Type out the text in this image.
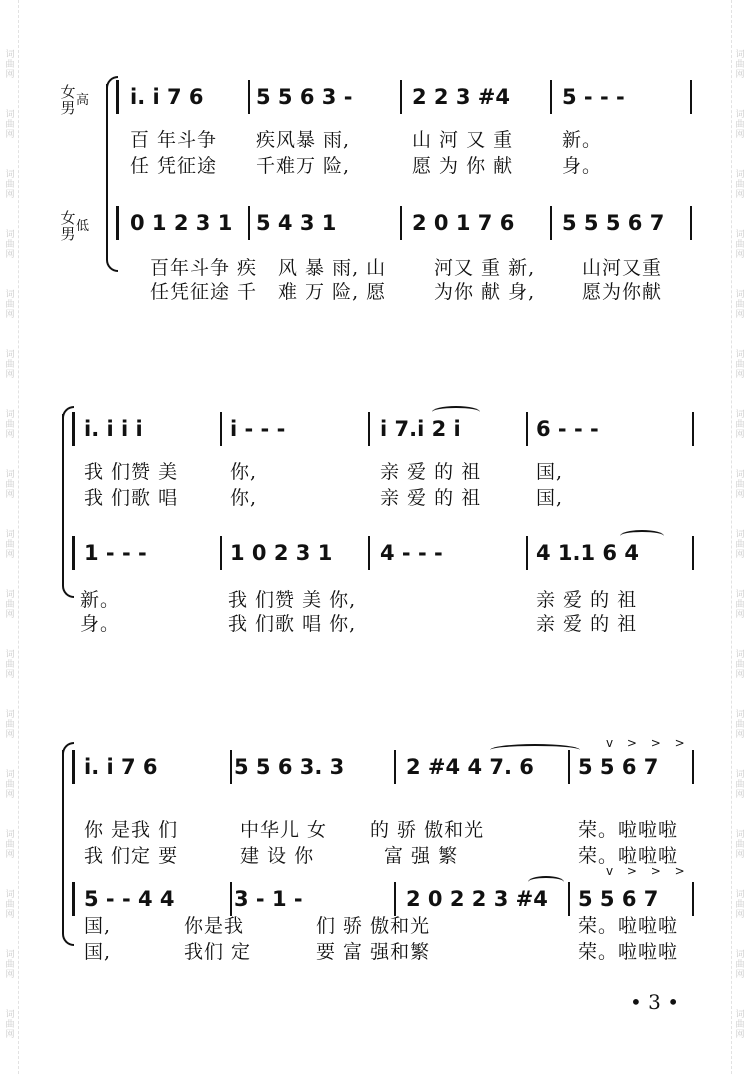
词
曲
网
词
曲
网
词
曲
网
词
曲
网
词
曲
网
词
曲
网
词
曲
网
词
曲
网
词
曲
网
词
曲
网
词
曲
网
词
曲
网
词
曲
网
词
曲
网
词
曲
网
词
曲
网
词
曲
网
词
曲
网
词
曲
网
词
曲
网
词
曲
网
词
曲
网
词
曲
网
词
曲
网
词
曲
网
词
曲
网
词
曲
网
词
曲
网
词
曲
网
词
曲
网
词
曲
网
词
曲
网
词
曲
网
词
曲
网
女
男高 i. i 7 6 5 5 6 3 -	2 2 3 #4 5 - - -
百 年斗争 疾风暴 雨,	山 河 又 重	新。
任 凭征途 千难万 险,	愿 为 你 献	身。
女
男低 0 1 2 3 1 5 4 3 1	2 0 1 7 6 5 5 5 6 7
百年斗争 疾 风 暴 雨, 山	河又 重 新, 山河又重
任凭征途 千 难 万 险, 愿	为你 献 身, 愿为你献
i. i i i	i - - -	i 7.i 2 i	6 - - -
我 们赞 美	你,	亲 爱 的 祖	国,
我 们歌 唱	你,	亲 爱 的 祖	国,
1 - - -	1 0 2 3 1 4 - - -	4 1.1 6 4
新。	我 们赞 美 你,	亲 爱 的 祖
身。	我 们歌 唱 你,	亲 爱 的 祖
v > > >
i. i 7 6	5 5 6 3. 3	2 #4 4 7. 6 5 5 6 7
你 是我 们	中华儿 女 的 骄 傲和光	荣。啦啦啦
我 们定 要	建 设 你	富 强 繁	荣。啦啦啦
v > > >
5 - - 4 4	3 - 1 -	2 0 2 2 3 #4 5 5 6 7
国,	你是我	们 骄 傲和光	荣。啦啦啦
国,	我们 定	要 富 强和繁	荣。啦啦啦
• 3 •
